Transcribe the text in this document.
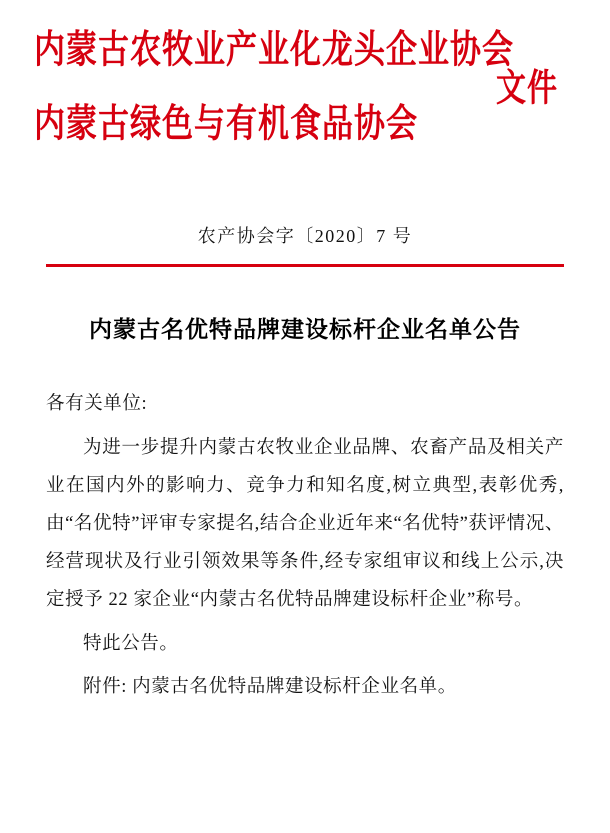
内蒙古农牧业产业化龙头企业协会
内蒙古绿色与有机食品协会
文件
农产协会字〔2020〕7 号
内蒙古名优特品牌建设标杆企业名单公告

各有关单位:

为进一步提升内蒙古农牧业企业品牌、农畜产品及相关产业在国内外的影响力、竞争力和知名度,树立典型,表彰优秀,由“名优特”评审专家提名,结合企业近年来“名优特”获评情况、经营现状及行业引领效果等条件,经专家组审议和线上公示,决定授予 22 家企业“内蒙古名优特品牌建设标杆企业”称号。

特此公告。

附件: 内蒙古名优特品牌建设标杆企业名单。
